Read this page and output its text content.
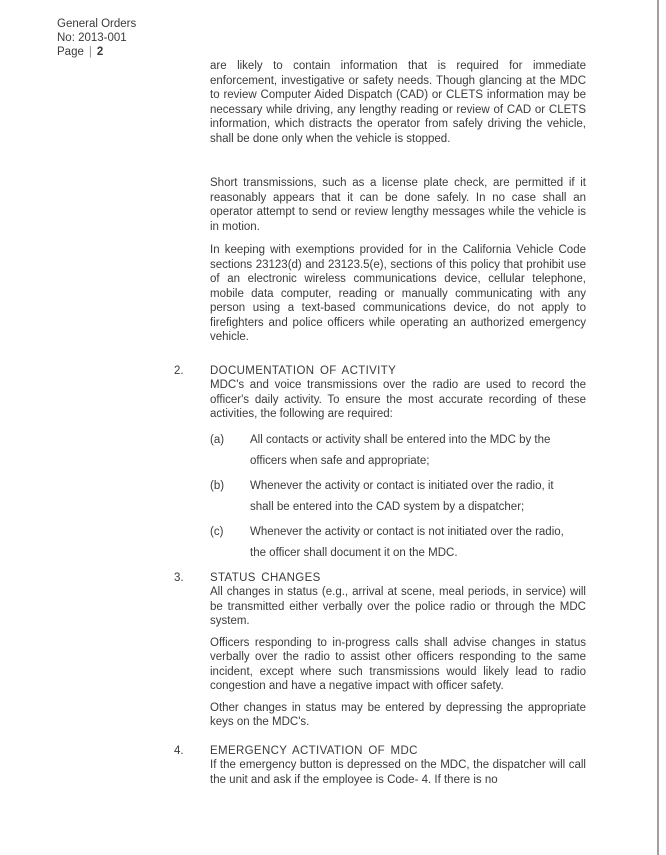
General Orders
No: 2013-001
Page | 2

are likely to contain information that is required for immediate enforcement, investigative or safety needs. Though glancing at the MDC to review Computer Aided Dispatch (CAD) or CLETS information may be necessary while driving, any lengthy reading or review of CAD or CLETS information, which distracts the operator from safely driving the vehicle, shall be done only when the vehicle is stopped.

Short transmissions, such as a license plate check, are permitted if it reasonably appears that it can be done safely. In no case shall an operator attempt to send or review lengthy messages while the vehicle is in motion.

In keeping with exemptions provided for in the California Vehicle Code sections 23123(d) and 23123.5(e), sections of this policy that prohibit use of an electronic wireless communications device, cellular telephone, mobile data computer, reading or manually communicating with any person using a text-based communications device, do not apply to firefighters and police officers while operating an authorized emergency vehicle.

2.	DOCUMENTATION OF ACTIVITY

MDC's and voice transmissions over the radio are used to record the officer's daily activity. To ensure the most accurate recording of these activities, the following are required:

(a)	All contacts or activity shall be entered into the MDC by the officers when safe and appropriate;
(b)	Whenever the activity or contact is initiated over the radio, it shall be entered into the CAD system by a dispatcher;
(c)	Whenever the activity or contact is not initiated over the radio, the officer shall document it on the MDC.
3.	STATUS CHANGES

All changes in status (e.g., arrival at scene, meal periods, in service) will be transmitted either verbally over the police radio or through the MDC system.

Officers responding to in-progress calls shall advise changes in status verbally over the radio to assist other officers responding to the same incident, except where such transmissions would likely lead to radio congestion and have a negative impact with officer safety.

Other changes in status may be entered by depressing the appropriate keys on the MDC's.

4.	EMERGENCY ACTIVATION OF MDC

If the emergency button is depressed on the MDC, the dispatcher will call the unit and ask if the employee is Code- 4. If there is no
